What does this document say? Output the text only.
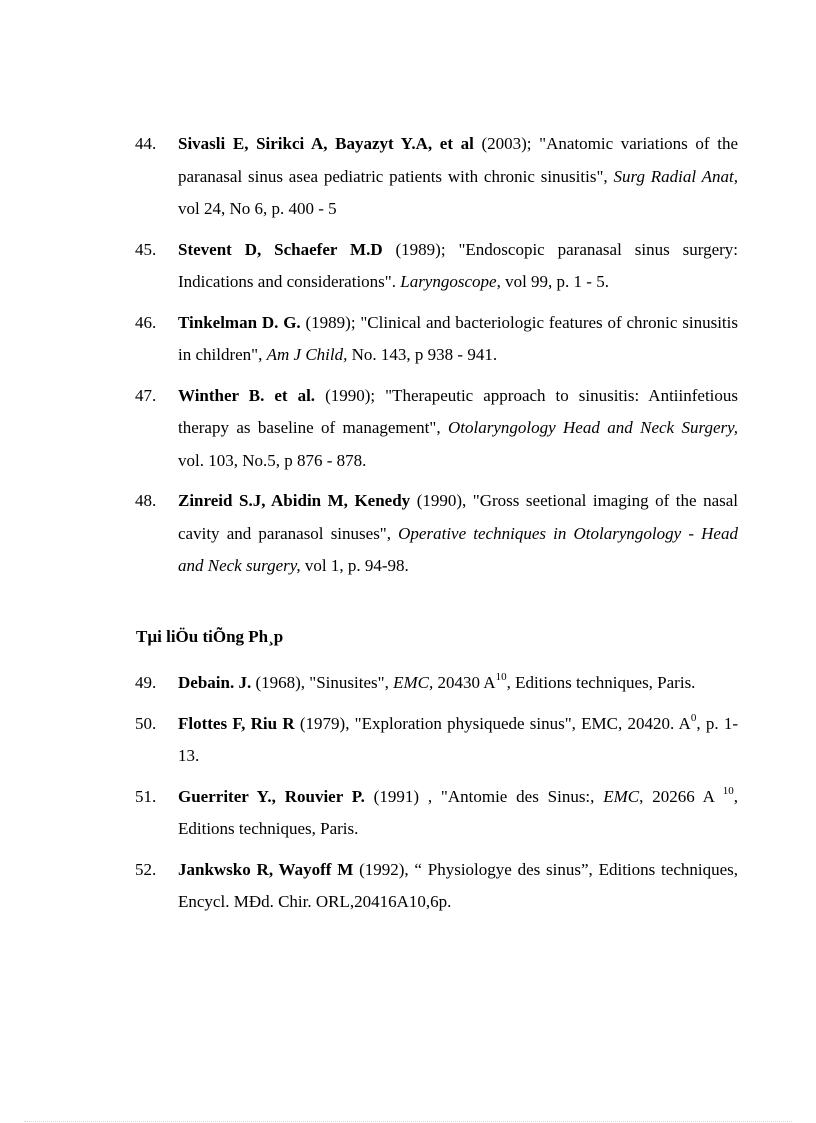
44. Sivasli E, Sirikci A, Bayazyt Y.A, et al (2003); "Anatomic variations of the paranasal sinus asea pediatric patients with chronic sinusitis", Surg Radial Anat, vol 24, No 6, p. 400 - 5
45. Stevent D, Schaefer M.D (1989); "Endoscopic paranasal sinus surgery: Indications and considerations". Laryngoscope, vol 99, p. 1 - 5.
46. Tinkelman D. G. (1989); "Clinical and bacteriologic features of chronic sinusitis in children", Am J Child, No. 143, p 938 - 941.
47. Winther B. et al. (1990); "Therapeutic approach to sinusitis: Antiinfetious therapy as baseline of management", Otolaryngology Head and Neck Surgery, vol. 103, No.5, p 876 - 878.
48. Zinreid S.J, Abidin M, Kenedy (1990), "Gross seetional imaging of the nasal cavity and paranasol sinuses", Operative techniques in Otolaryngology - Head and Neck surgery, vol 1, p. 94-98.
Tµi liÖu tiÕng Ph¸p
49. Debain. J. (1968), "Sinusites", EMC, 20430 $A^{10}$, Editions techniques, Paris.
50. Flottes F, Riu R (1979), "Exploration physiquede sinus", EMC, 20420. $A^0$, p. 1-13.
51. Guerriter Y., Rouvier P. (1991) , "Antomie des Sinus:, EMC, 20266 A $^{10}$, Editions techniques, Paris.
52. Jankwsko R, Wayoff M (1992), “ Physiologye des sinus”, Editions techniques, Encycl. MÐd. Chir. ORL,20416A10,6p.
